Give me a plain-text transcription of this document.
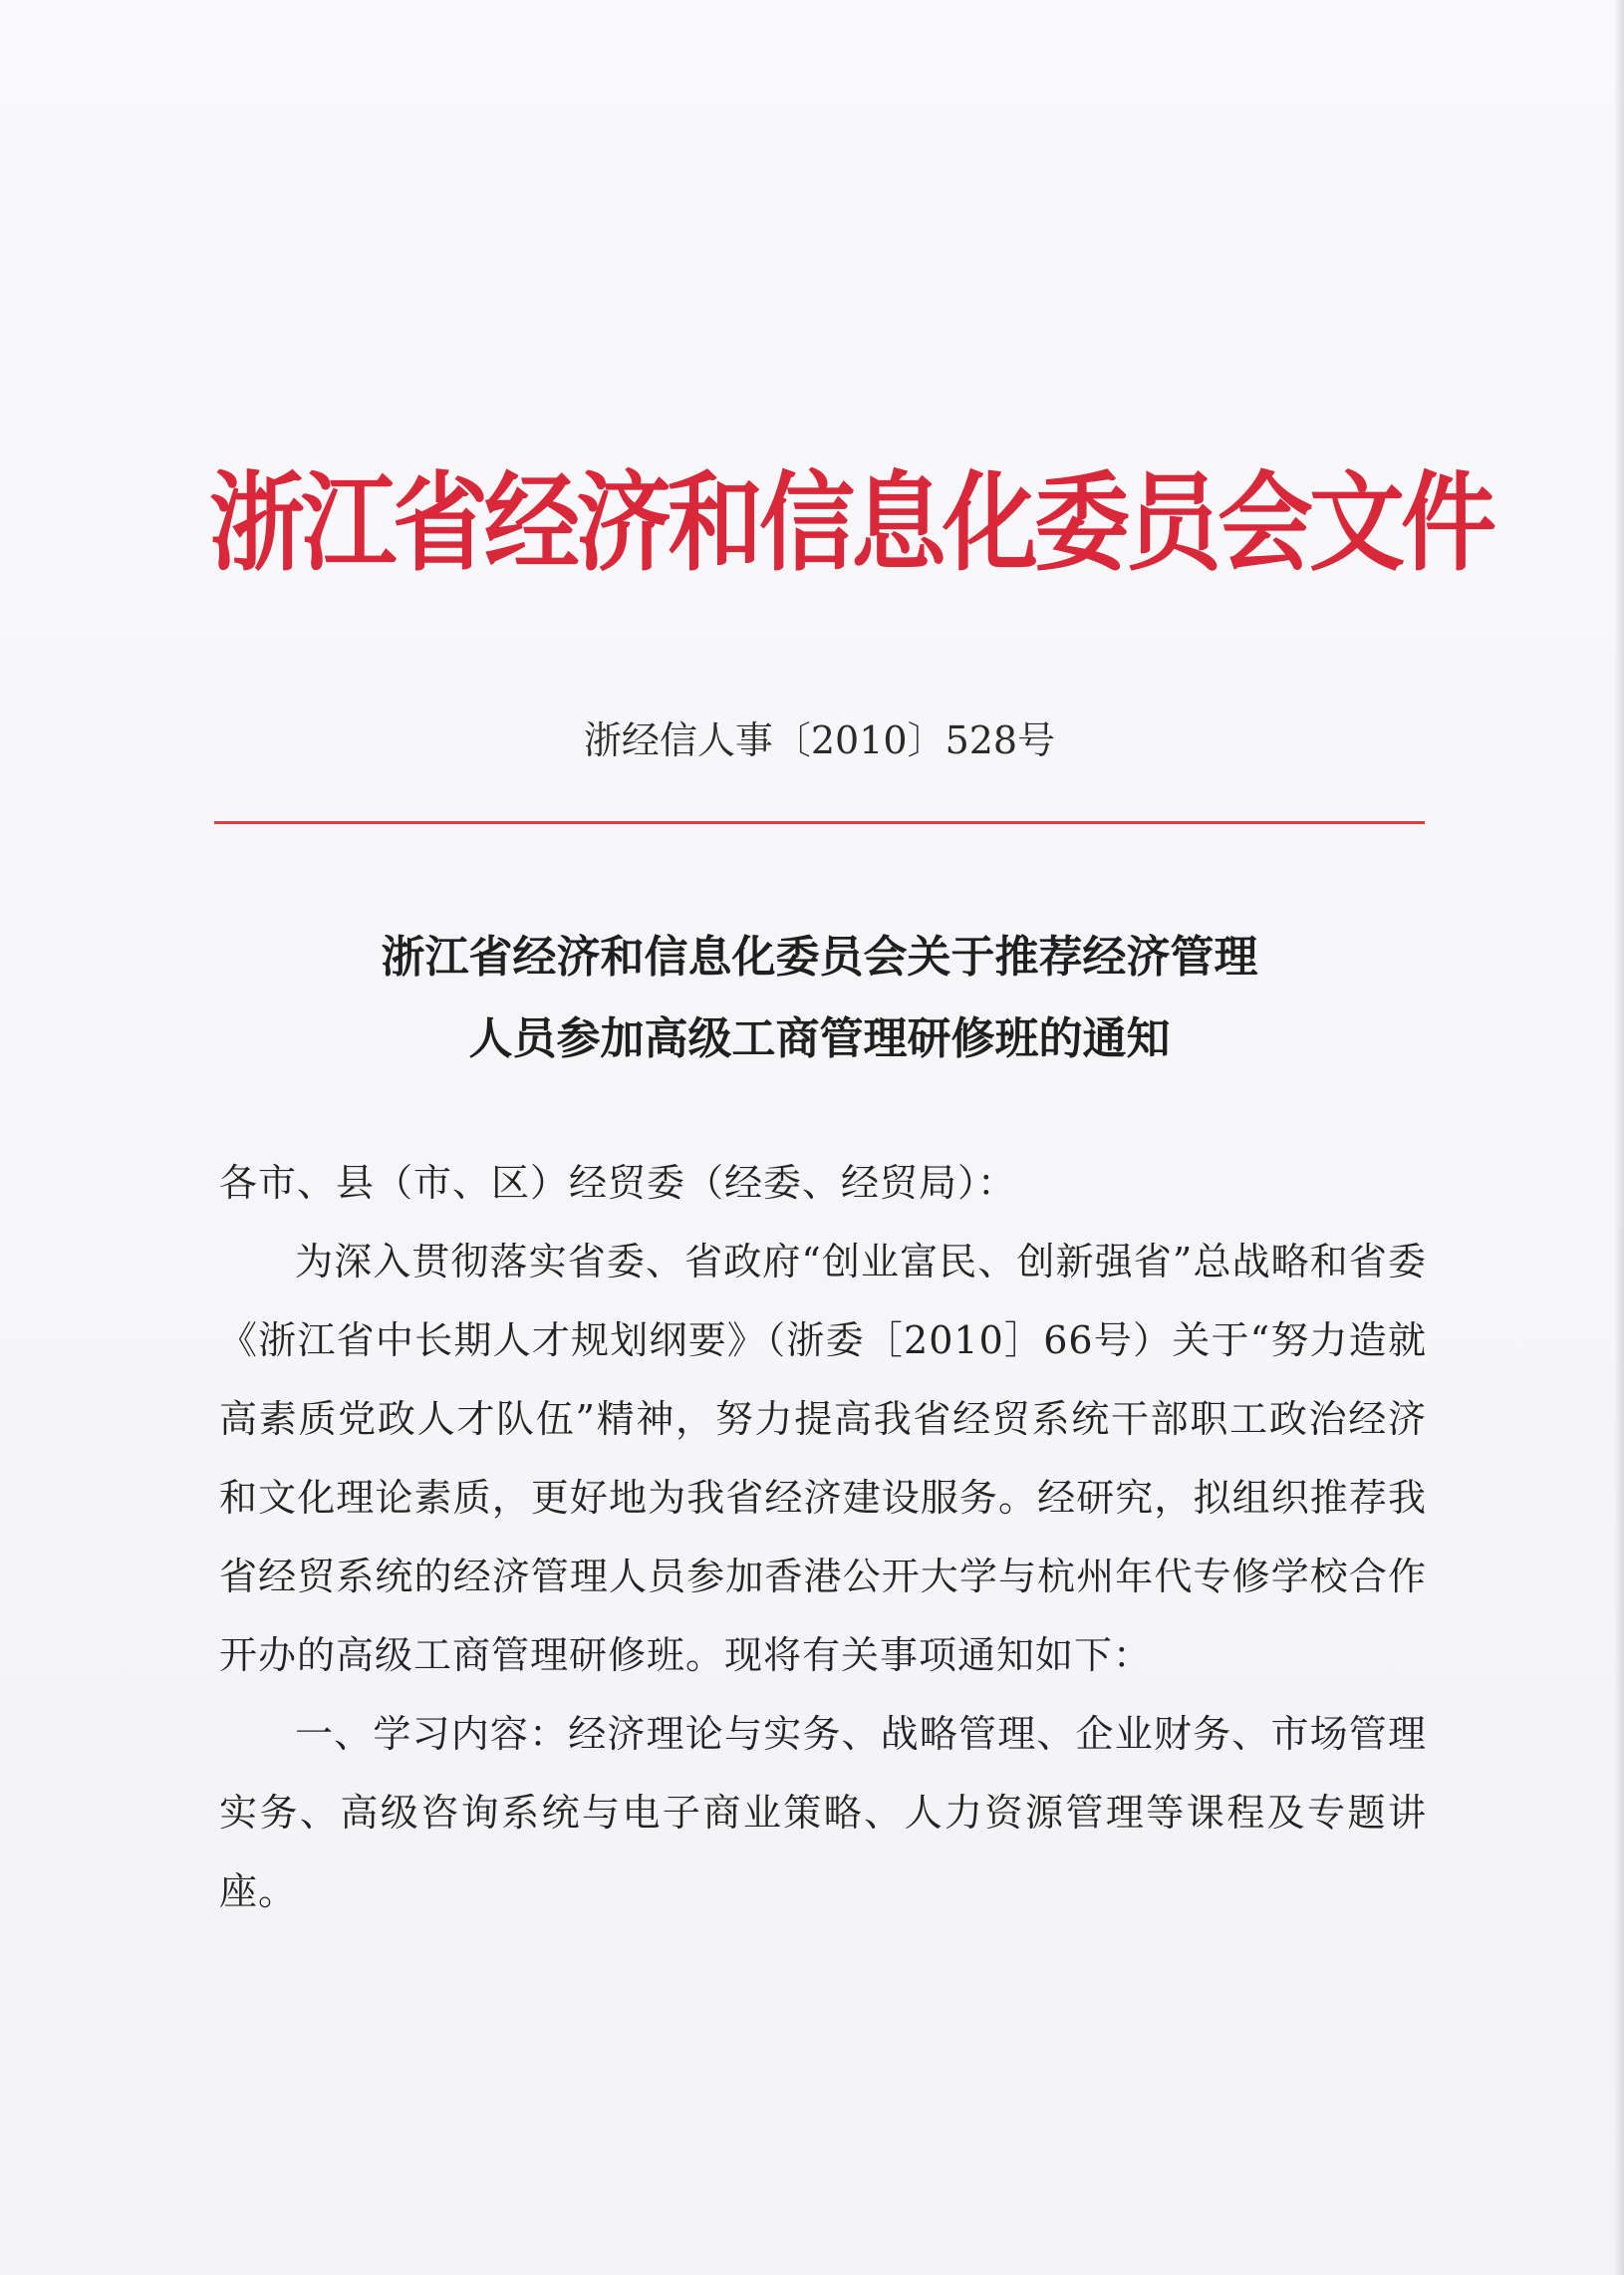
浙江省经济和信息化委员会文件

浙经信人事〔2010〕528号

浙江省经济和信息化委员会关于推荐经济管理
人员参加高级工商管理研修班的通知

各市、县（市、区）经贸委（经委、经贸局）：

为深入贯彻落实省委、省政府“创业富民、创新强省”总战略和省委《浙江省中长期人才规划纲要》（浙委［2010］66号）关于“努力造就高素质党政人才队伍”精神，努力提高我省经贸系统干部职工政治经济和文化理论素质，更好地为我省经济建设服务。经研究，拟组织推荐我省经贸系统的经济管理人员参加香港公开大学与杭州年代专修学校合作开办的高级工商管理研修班。现将有关事项通知如下：

一、学习内容：经济理论与实务、战略管理、企业财务、市场管理实务、高级咨询系统与电子商业策略、人力资源管理等课程及专题讲座。
